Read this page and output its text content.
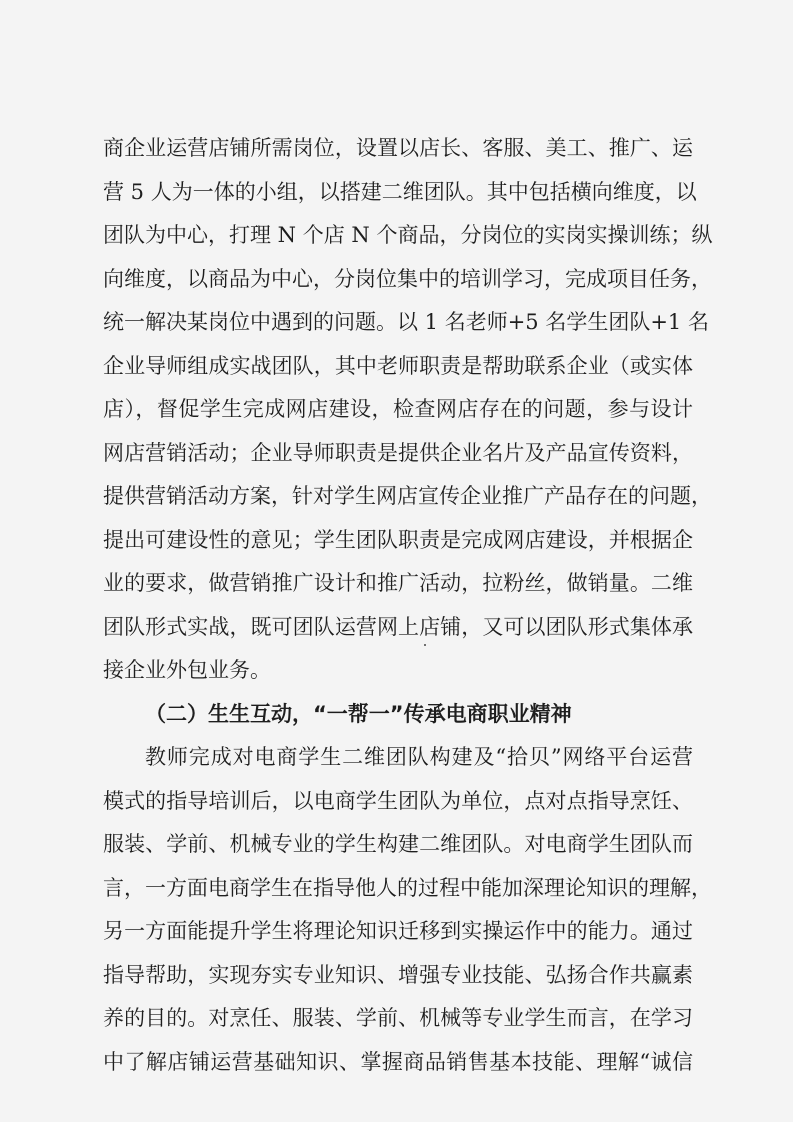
商企业运营店铺所需岗位，设置以店长、客服、美工、推广、运
营 5 人为一体的小组，以搭建二维团队。其中包括横向维度，以
团队为中心，打理 N 个店 N 个商品，分岗位的实岗实操训练；纵
向维度，以商品为中心，分岗位集中的培训学习，完成项目任务，
统一解决某岗位中遇到的问题。以 1 名老师+5 名学生团队+1 名
企业导师组成实战团队，其中老师职责是帮助联系企业（或实体
店），督促学生完成网店建设，检查网店存在的问题，参与设计
网店营销活动；企业导师职责是提供企业名片及产品宣传资料，
提供营销活动方案，针对学生网店宣传企业推广产品存在的问题，
提出可建设性的意见；学生团队职责是完成网店建设，并根据企
业的要求，做营销推广设计和推广活动，拉粉丝，做销量。二维
团队形式实战，既可团队运营网上店铺，又可以团队形式集体承
接企业外包业务。
（二）生生互动，“一帮一”传承电商职业精神
教师完成对电商学生二维团队构建及“拾贝”网络平台运营
模式的指导培训后，以电商学生团队为单位，点对点指导烹饪、
服装、学前、机械专业的学生构建二维团队。对电商学生团队而
言，一方面电商学生在指导他人的过程中能加深理论知识的理解，
另一方面能提升学生将理论知识迁移到实操运作中的能力。通过
指导帮助，实现夯实专业知识、增强专业技能、弘扬合作共赢素
养的目的。对烹任、服装、学前、机械等专业学生而言，在学习
中了解店铺运营基础知识、掌握商品销售基本技能、理解“诚信
